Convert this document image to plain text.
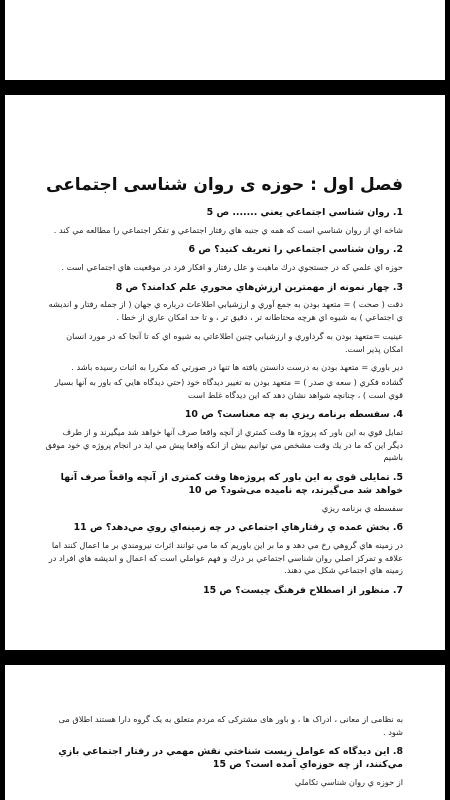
فصل اول : حوزه ی روان شناسی اجتماعی
1. روان شناسي اجتماعي يعني ....... ص 5
شاخه اي از روان شناسي است كه همه ي جنبه هاي رفتار اجتماعي و تفكر اجتماعي را مطالعه مي كند .
2. روان شناسي اجتماعي را تعريف كنيد؟ ص 6
حوزه اي علمي كه در جستجوي درك ماهيت و علل رفتار و افكار فرد در موقعيت هاي اجتماعي است .
3. چهار نمونه از مهمترين ارزش‌هاي محوري علم كدامند؟ ص 8
دقت ( صحت ) = متعهد بودن به جمع آوري و ارزشيابي اطلاعات درباره ي جهان ( از جمله رفتار و انديشه ي اجتماعي ) به شيوه اي هرچه محتاطانه تر ، دقيق تر ، و تا حد امكان عاري از خطا .
عينيت =متعهد بودن به گرداوري و ارزشيابي چنين اطلاعاتي به شيوه اي كه تا آنجا كه در مورد انسان امكان پذير است.
دير باوري = متعهد بودن به درست دانستن يافته ها تنها در صورتي كه مكررا به اثبات رسيده باشد .
گشاده فكري ( سعه ي صدر ) = متعهد بودن به تغيير ديدگاه خود (حتي ديدگاه هايي كه باور به آنها بسيار قوي است ) ، چنانچه شواهد نشان دهد كه اين ديدگاه غلط است
4. سفسطه برنامه ريزي به چه معناست؟ ص 10
تمايل قوي به اين باور كه پروژه ها وقت كمتري از آنچه واقعا صرف آنها خواهد شد ميگيرند و از طرف ديگر اين كه ما در يك وقت مشخص مي توانيم بيش از انكه واقعا پيش مي ايد در انجام پروژه ي خود موفق باشيم
5. تمایلی قوی به این باور که پروژه‌ها وقت کمتری از آنچه واقعاً صرف آنها خواهد شد می‌گیرند، چه نامیده می‌شود؟ ص 10
سفسطه ي برنامه ريزي
6. بخش عمده ي رفتارهاي اجتماعي در چه زمينه‌اي روي مي‌دهد؟ ص 11
در زمينه هاي گروهي رخ مي دهد و ما بر اين باوريم كه ما مي توانند اثرات نيرومندي بر ما اعمال كنند اما علاقه و تمركز اصلي روان شناسي اجتماعي بر درك و فهم عواملي است كه اعمال و انديشه هاي افراد در زمينه هاي اجتماعي شكل مي دهند.
7. منظور از اصطلاح فرهنگ چيست؟ ص 15
به نظامی از معانی ، ادراک ها ، و باور های مشترکی که مردم متعلق به یک گروه دارا هستند اطلاق می شود .
8. اين ديدگاه كه عوامل زيست شناختي نقش مهمي در رفتار اجتماعي بازي مي‌كنند، از چه حوزه‌اي آمده است؟ ص 15
از حوزه ي روان شناسي تكاملي
